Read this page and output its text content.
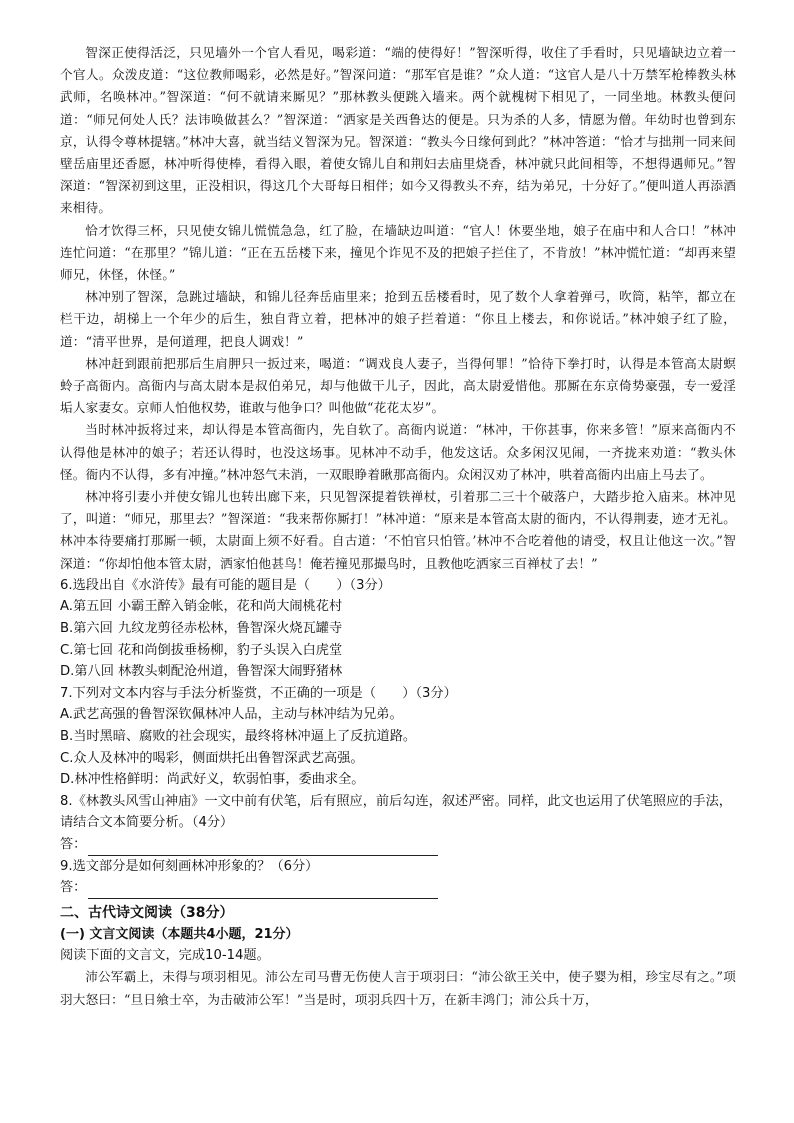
智深正使得活泛，只见墙外一个官人看见，喝彩道：“端的使得好！”智深听得，收住了手看时，只见墙缺边立着一个官人。众泼皮道：“这位教师喝彩，必然是好。”智深问道：“那军官是谁？”众人道：“这官人是八十万禁军枪棒教头林武师，名唤林冲。”智深道：“何不就请来厮见？”那林教头便跳入墙来。两个就槐树下相见了，一同坐地。林教头便问道：“师兄何处人氏？法讳唤做甚么？”智深道：“洒家是关西鲁达的便是。只为杀的人多，情愿为僧。年幼时也曾到东京，认得令尊林提辖。”林冲大喜，就当结义智深为兄。智深道：“教头今日缘何到此？”林冲答道：“恰才与拙荆一同来间壁岳庙里还香愿，林冲听得使棒，看得入眼，着使女锦儿自和荆妇去庙里烧香，林冲就只此间相等，不想得遇师兄。”智深道：“智深初到这里，正没相识，得这几个大哥每日相伴；如今又得教头不弃，结为弟兄，十分好了。”便叫道人再添酒来相待。

恰才饮得三杯，只见使女锦儿慌慌急急，红了脸，在墙缺边叫道：“官人！休要坐地，娘子在庙中和人合口！”林冲连忙问道：“在那里？”锦儿道：“正在五岳楼下来，撞见个诈见不及的把娘子拦住了，不肯放！”林冲慌忙道：“却再来望师兄，休怪，休怪。”

林冲别了智深，急跳过墙缺，和锦儿径奔岳庙里来；抢到五岳楼看时，见了数个人拿着弹弓，吹筒，粘竿，都立在栏干边，胡梯上一个年少的后生，独自背立着，把林冲的娘子拦着道：“你且上楼去，和你说话。”林冲娘子红了脸，道：“清平世界，是何道理，把良人调戏！”

林冲赶到跟前把那后生肩胛只一扳过来，喝道：“调戏良人妻子，当得何罪！”恰待下拳打时，认得是本管高太尉螟蛉子高衙内。高衙内与高太尉本是叔伯弟兄，却与他做干儿子，因此，高太尉爱惜他。那厮在东京倚势豪强，专一爱淫垢人家妻女。京师人怕他权势，谁敢与他争口？叫他做“花花太岁”。

当时林冲扳将过来，却认得是本管高衙内，先自软了。高衙内说道：“林冲，干你甚事，你来多管！”原来高衙内不认得他是林冲的娘子；若还认得时，也没这场事。见林冲不动手，他发这话。众多闲汉见闹，一齐拢来劝道：“教头休怪。衙内不认得，多有冲撞。”林冲怒气未消，一双眼睁着瞅那高衙内。众闲汉劝了林冲，哄着高衙内出庙上马去了。

林冲将引妻小并使女锦儿也转出廊下来，只见智深提着铁禅杖，引着那二三十个破落户，大踏步抢入庙来。林冲见了，叫道：“师兄，那里去？”智深道：“我来帮你厮打！”林冲道：“原来是本管高太尉的衙内，不认得荆妻，迹才无礼。林冲本待要痛打那厮一顿，太尉面上须不好看。自古道：‘不怕官只怕管。’林冲不合吃着他的请受，权且让他这一次。”智深道：“你却怕他本管太尉，洒家怕他甚鸟！俺若撞见那撮鸟时，且教他吃洒家三百禅杖了去！”

6.选段出自《水浒传》最有可能的题目是（　　）（3分）

A.第五回 小霸王醉入销金帐，花和尚大闹桃花村

B.第六回 九纹龙剪径赤松林，鲁智深火烧瓦罐寺

C.第七回 花和尚倒拔垂杨柳，豹子头误入白虎堂

D.第八回 林教头刺配沧州道，鲁智深大闹野猪林

7.下列对文本内容与手法分析鉴赏，不正确的一项是（　　）（3分）

A.武艺高强的鲁智深钦佩林冲人品，主动与林冲结为兄弟。

B.当时黑暗、腐败的社会现实，最终将林冲逼上了反抗道路。

C.众人及林冲的喝彩，侧面烘托出鲁智深武艺高强。

D.林冲性格鲜明：尚武好义，软弱怕事，委曲求全。

8.《林教头风雪山神庙》一文中前有伏笔，后有照应，前后勾连，叙述严密。同样，此文也运用了伏笔照应的手法，请结合文本简要分析。（4分）

答：

9.选文部分是如何刻画林冲形象的？（6分）

答：

二、古代诗文阅读（38分）

(一) 文言文阅读（本题共4小题，21分）

阅读下面的文言文，完成10-14题。

沛公军霸上，未得与项羽相见。沛公左司马曹无伤使人言于项羽曰：“沛公欲王关中，使子婴为相，珍宝尽有之。”项羽大怒曰：“旦日飨士卒，为击破沛公军！”当是时，项羽兵四十万，在新丰鸿门；沛公兵十万，
